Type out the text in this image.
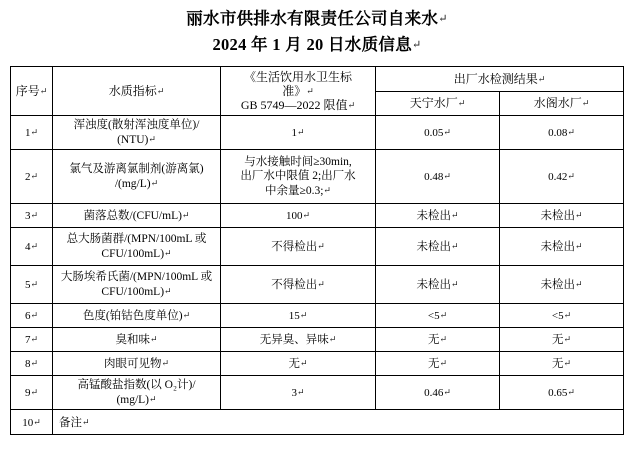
丽水市供排水有限责任公司自来水↵
2024 年 1 月 20 日水质信息↵
序号↵	水质指标↵	《生活饮用水卫生标
准》↵
GB 5749—2022 限值↵	出厂水检测结果↵	
			天宁水厂↵	水阁水厂↵
1↵	浑浊度(散射浑浊度单位)/
(NTU)↵	1↵	0.05↵	0.08↵
2↵	氯气及游离氯制剂(游离氯)
/(mg/L)↵	与水接触时间≥30min,
出厂水中限值 2;出厂水
中余量≥0.3;↵	0.48↵	0.42↵
3↵	菌落总数/(CFU/mL)↵	100↵	未检出↵	未检出↵
4↵	总大肠菌群/(MPN/100mL 或
CFU/100mL)↵	不得检出↵	未检出↵	未检出↵
5↵	大肠埃希氏菌/(MPN/100mL 或
CFU/100mL)↵	不得检出↵	未检出↵	未检出↵
6↵	色度(铂钴色度单位)↵	15↵	<5↵	<5↵
7↵	臭和味↵	无异臭、异味↵	无↵	无↵
8↵	肉眼可见物↵	无↵	无↵	无↵
9↵	高锰酸盐指数(以 O₂计)/
(mg/L)↵	3↵	0.46↵	0.65↵
10↵	备注↵			
